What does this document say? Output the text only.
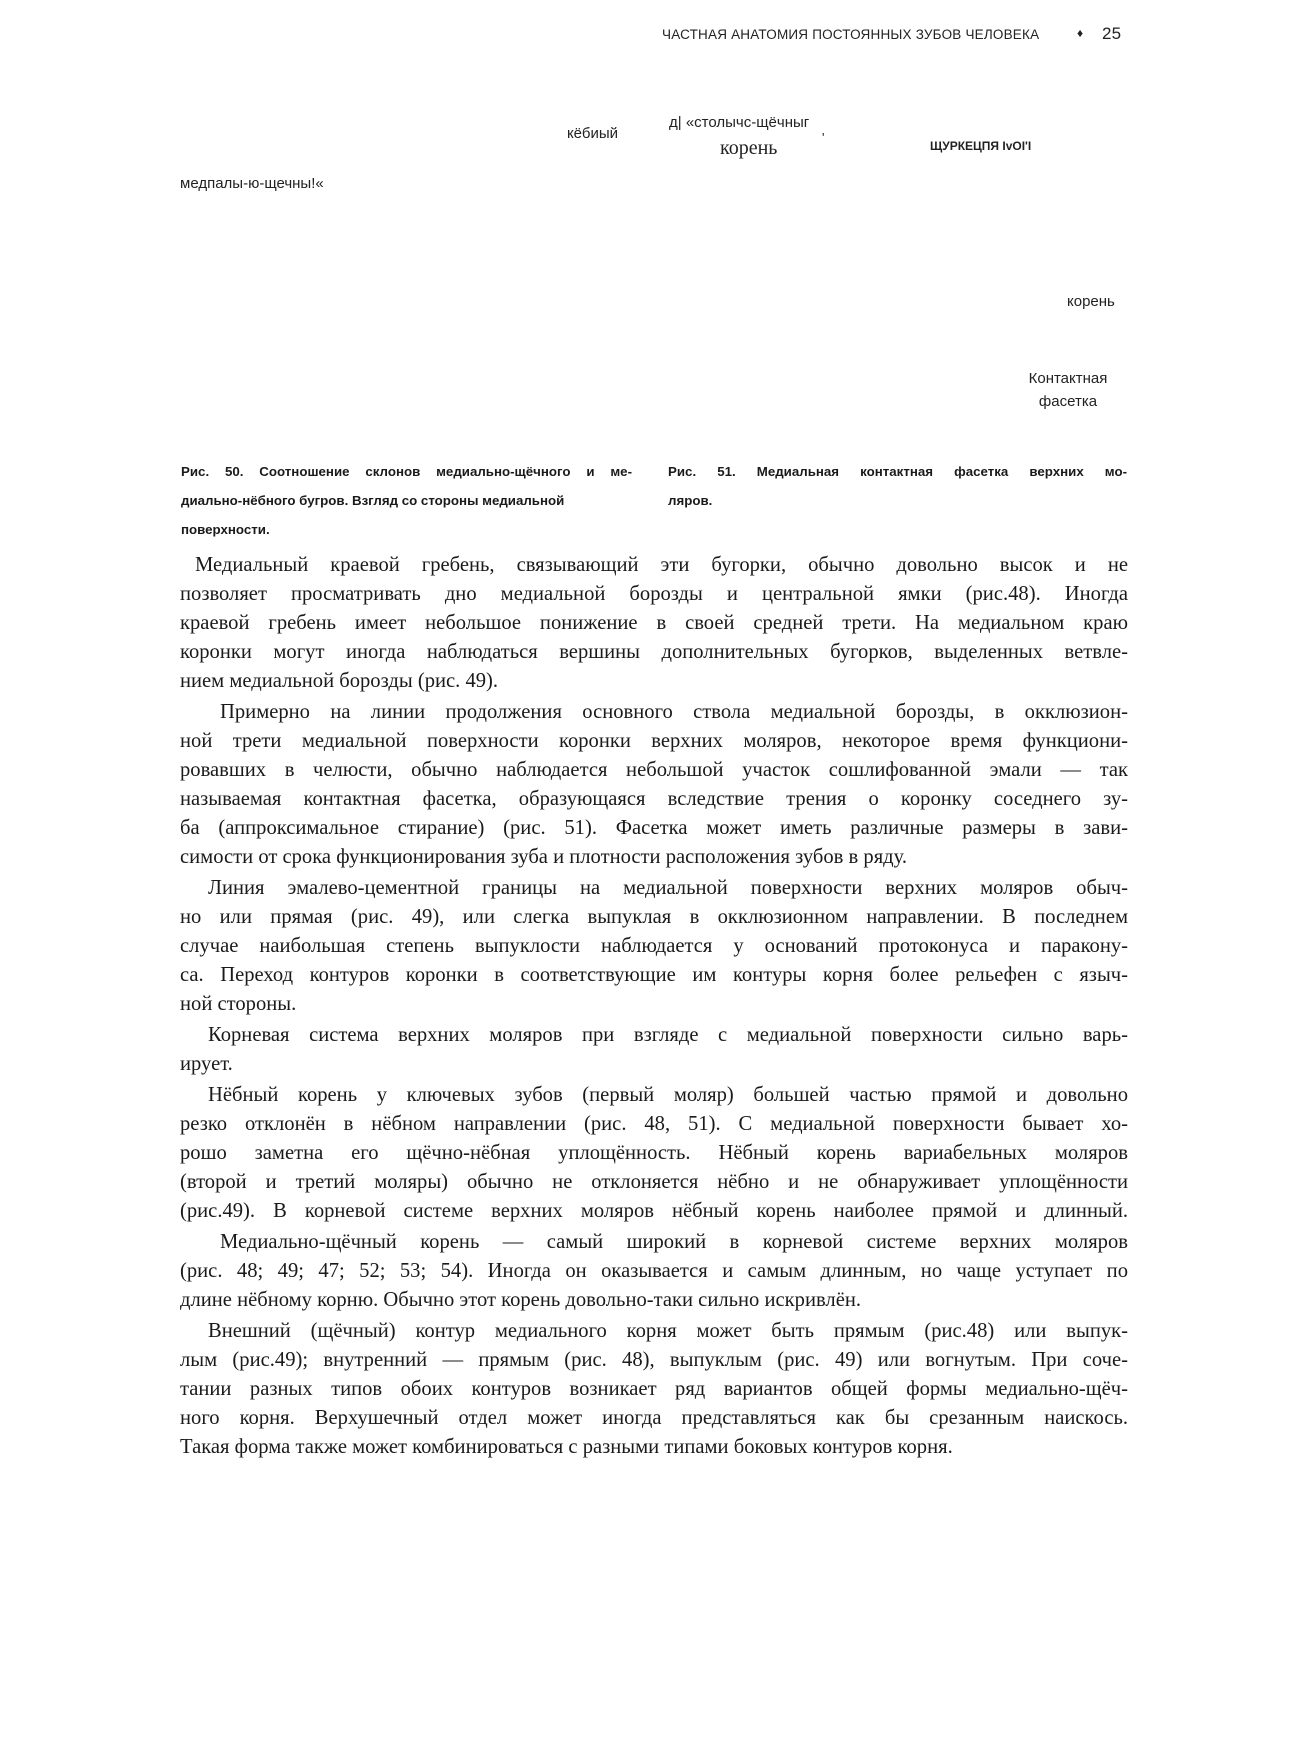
ЧАСТНАЯ АНАТОМИЯ ПОСТОЯННЫХ ЗУБОВ ЧЕЛОВЕКА	♦ 25
кёбиый
д| «столычс-щёчныг
корень	'
ЩУРКЕЦПЯ IvOI'I
медпалы-ю-щечны!«
корень
Контактная
фасетка
Рис. 50. Соотношение склонов медиально-щёчного и ме-
диально-нёбного бугров. Взгляд со стороны медиальной
поверхности.
Рис. 51. Медиальная контактная фасетка верхних мо-
ляров.
Медиальный краевой гребень, связывающий эти бугорки, обычно довольно высок и не
позволяет просматривать дно медиальной борозды и центральной ямки (рис.48). Иногда
краевой гребень имеет небольшое понижение в своей средней трети. На медиальном краю
коронки могут иногда наблюдаться вершины дополнительных бугорков, выделенных ветвле-
нием медиальной борозды (рис. 49).
Примерно на линии продолжения основного ствола медиальной борозды, в окклюзион-
ной трети медиальной поверхности коронки верхних моляров, некоторое время функциони-
ровавших в челюсти, обычно наблюдается небольшой участок сошлифованной эмали — так
называемая контактная фасетка, образующаяся вследствие трения о коронку соседнего зу-
ба (аппроксимальное стирание) (рис. 51). Фасетка может иметь различные размеры в зави-
симости от срока функционирования зуба и плотности расположения зубов в ряду.
Линия эмалево-цементной границы на медиальной поверхности верхних моляров обыч-
но или прямая (рис. 49), или слегка выпуклая в окклюзионном направлении. В последнем
случае наибольшая степень выпуклости наблюдается у оснований протоконуса и паракону-
са. Переход контуров коронки в соответствующие им контуры корня более рельефен с языч-
ной стороны.
Корневая система верхних моляров при взгляде с медиальной поверхности сильно варь-
ирует.
Нёбный корень у ключевых зубов (первый моляр) большей частью прямой и довольно
резко отклонён в нёбном направлении (рис. 48, 51). С медиальной поверхности бывает хо-
рошо заметна его щёчно-нёбная уплощённость. Нёбный корень вариабельных моляров
(второй и третий моляры) обычно не отклоняется нёбно и не обнаруживает уплощённости
(рис.49). В корневой системе верхних моляров нёбный корень наиболее прямой и длинный.
Медиально-щёчный корень — самый широкий в корневой системе верхних моляров
(рис. 48; 49; 47; 52; 53; 54). Иногда он оказывается и самым длинным, но чаще уступает по
длине нёбному корню. Обычно этот корень довольно-таки сильно искривлён.
Внешний (щёчный) контур медиального корня может быть прямым (рис.48) или выпук-
лым (рис.49); внутренний — прямым (рис. 48), выпуклым (рис. 49) или вогнутым. При соче-
тании разных типов обоих контуров возникает ряд вариантов общей формы медиально-щёч-
ного корня. Верхушечный отдел может иногда представляться как бы срезанным наискось.
Такая форма также может комбинироваться с разными типами боковых контуров корня.
